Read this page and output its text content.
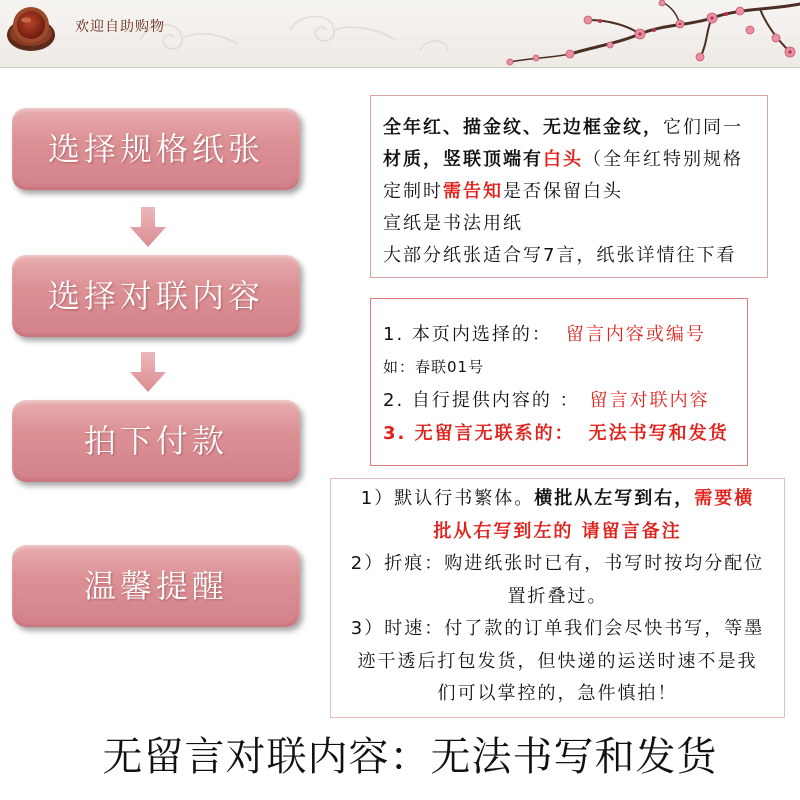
欢迎自助购物
选择规格纸张
选择对联内容
拍下付款
温馨提醒
全年红、描金纹、无边框金纹，它们同一
材质，竖联顶端有白头（全年红特别规格
定制时需告知是否保留白头
宣纸是书法用纸
大部分纸张适合写7言，纸张详情往下看
1. 本页内选择的： 留言内容或编号
如：春联01号
2. 自行提供内容的 ： 留言对联内容
3. 无留言无联系的： 无法书写和发货
1）默认行书繁体。横批从左写到右，需要横
批从右写到左的 请留言备注
2）折痕：购进纸张时已有，书写时按均分配位
置折叠过。
3）时速：付了款的订单我们会尽快书写，等墨
迹干透后打包发货，但快递的运送时速不是我
们可以掌控的，急件慎拍！
无留言对联内容：无法书写和发货
